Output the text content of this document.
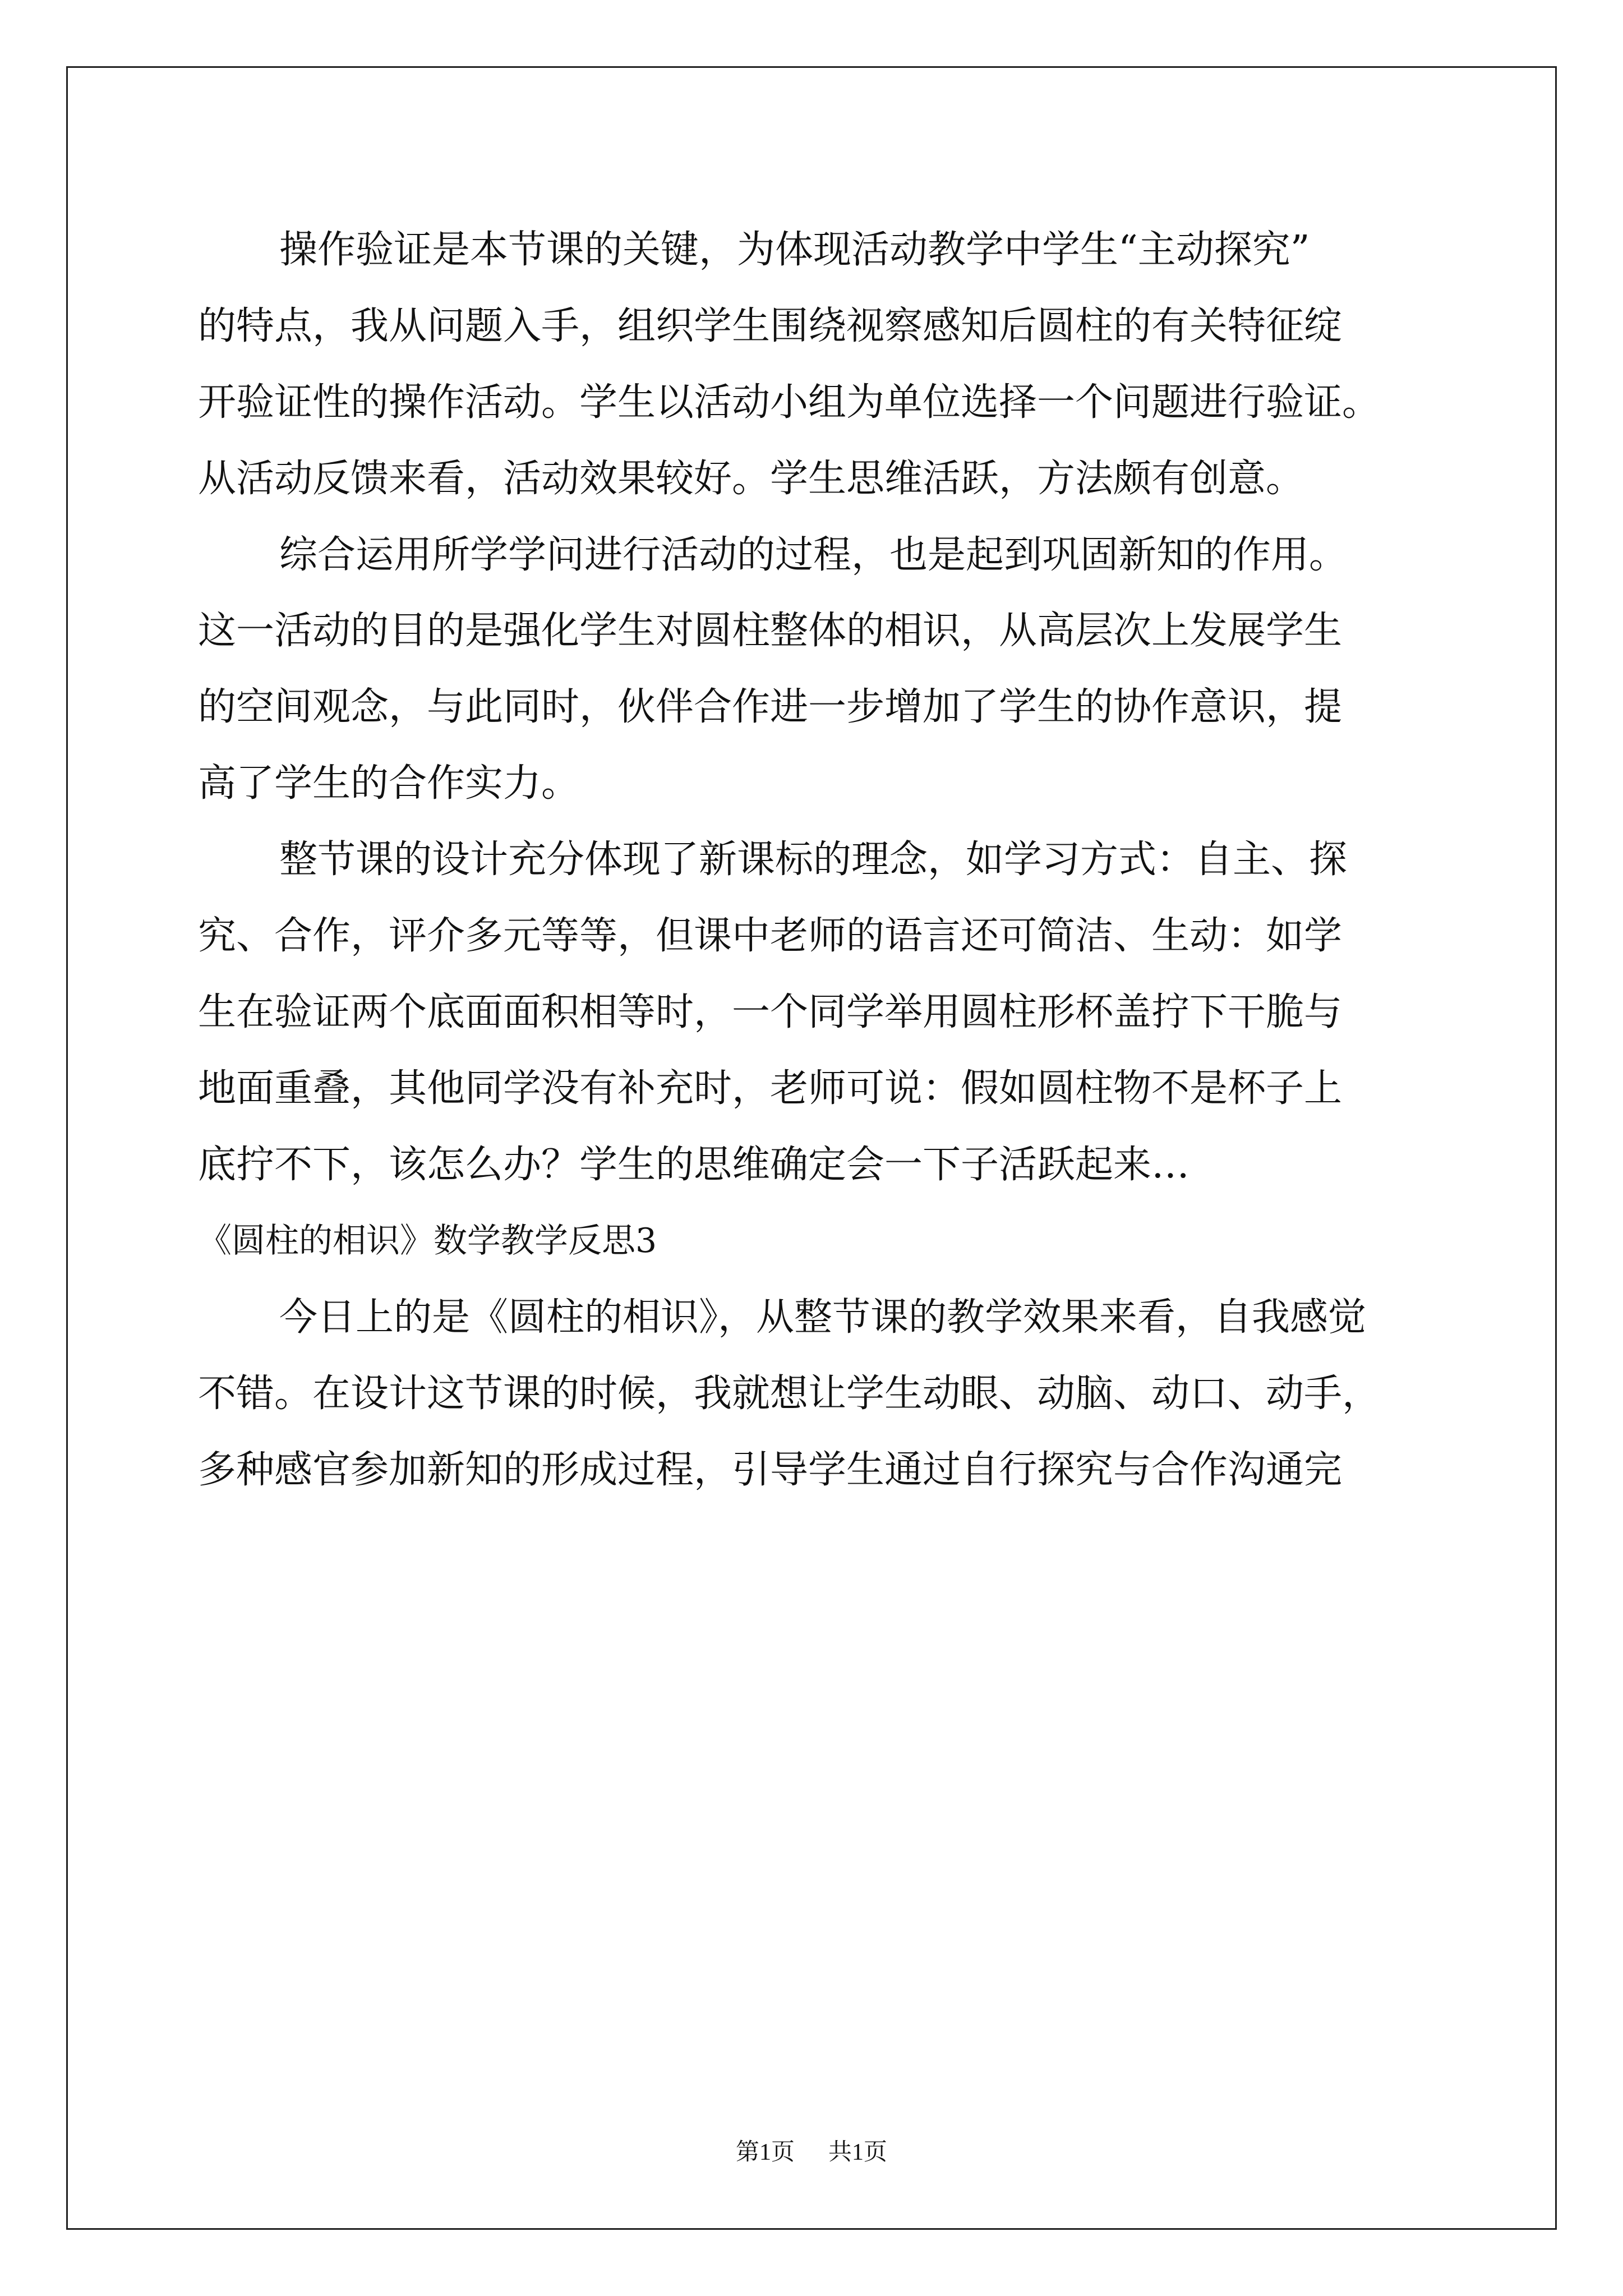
操作验证是本节课的关键，为体现活动教学中学生“主动探究”
的特点，我从问题入手，组织学生围绕视察感知后圆柱的有关特征绽
开验证性的操作活动。学生以活动小组为单位选择一个问题进行验证。
从活动反馈来看，活动效果较好。学生思维活跃，方法颇有创意。
综合运用所学学问进行活动的过程，也是起到巩固新知的作用。
这一活动的目的是强化学生对圆柱整体的相识，从高层次上发展学生
的空间观念，与此同时，伙伴合作进一步增加了学生的协作意识，提
高了学生的合作实力。
整节课的设计充分体现了新课标的理念，如学习方式：自主、探
究、合作，评介多元等等，但课中老师的语言还可简洁、生动：如学
生在验证两个底面面积相等时，一个同学举用圆柱形杯盖拧下干脆与
地面重叠，其他同学没有补充时，老师可说：假如圆柱物不是杯子上
底拧不下，该怎么办？学生的思维确定会一下子活跃起来…
《圆柱的相识》数学教学反思3
今日上的是《圆柱的相识》，从整节课的教学效果来看，自我感觉
不错。在设计这节课的时候，我就想让学生动眼、动脑、动口、动手，
多种感官参加新知的形成过程，引导学生通过自行探究与合作沟通完
第1页 共1页
